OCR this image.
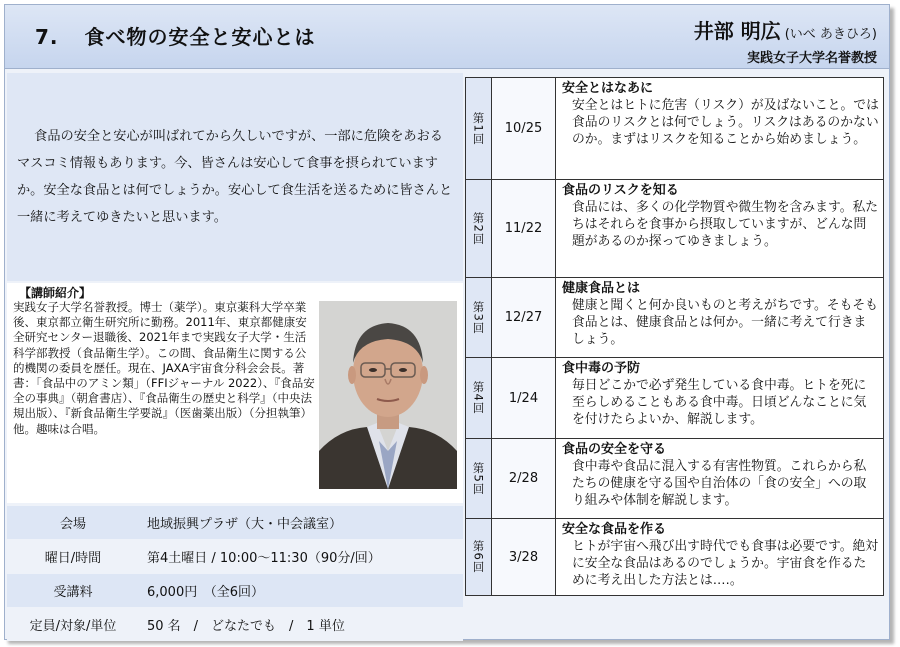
7. 食べ物の安全と安心とは	井部 明広 (いべ あきひろ)
実践女子大学名誉教授

食品の安全と安心が叫ばれてから久しいですが、一部に危険をあおるマスコミ情報もあります。今、皆さんは安心して食事を摂られていますか。安全な食品とは何でしょうか。安心して食生活を送るために皆さんと一緒に考えてゆきたいと思います。

【講師紹介】
実践女子大学名誉教授。博士（薬学）。東京薬科大学卒業後、東京都立衛生研究所に勤務。2011年、東京都健康安全研究センター退職後、2021年まで実践女子大学・生活科学部教授（食品衛生学）。この間、食品衛生に関する公的機関の委員を歴任。現在、JAXA宇宙食分科会会長。著書：「食品中のアミン類」（FFIジャーナル 2022）、『食品安全の事典』（朝倉書店）、『食品衛生の歴史と科学』（中央法規出版）、『新食品衛生学要説』（医歯薬出版）（分担執筆）他。趣味は合唱。
会場	地域振興プラザ（大・中会議室）
曜日/時間	第4土曜日 / 10:00～11:30（90分/回）
受講料	6,000円　（全6回）
定員/対象/単位	50 名　/　どなたでも　/　1 単位
第1回	10/25
安全とはなあに
安全とはヒトに危害（リスク）が及ばないこと。では食品のリスクとは何でしょう。リスクはあるのかないのか。まずはリスクを知ることから始めましょう。
第2回	11/22
食品のリスクを知る
食品には、多くの化学物質や微生物を含みます。私たちはそれらを食事から摂取していますが、どんな問題があるのか探ってゆきましょう。
第3回	12/27
健康食品とは
健康と聞くと何か良いものと考えがちです。そもそも食品とは、健康食品とは何か。一緒に考えて行きましょう。
第4回	1/24
食中毒の予防
毎日どこかで必ず発生している食中毒。ヒトを死に至らしめることもある食中毒。日頃どんなことに気を付けたらよいか、解説します。
第5回	2/28
食品の安全を守る
食中毒や食品に混入する有害性物質。これらから私たちの健康を守る国や自治体の「食の安全」への取り組みや体制を解説します。
第6回	3/28
安全な食品を作る
ヒトが宇宙へ飛び出す時代でも食事は必要です。絶対に安全な食品はあるのでしょうか。宇宙食を作るために考え出した方法とは‥‥。
